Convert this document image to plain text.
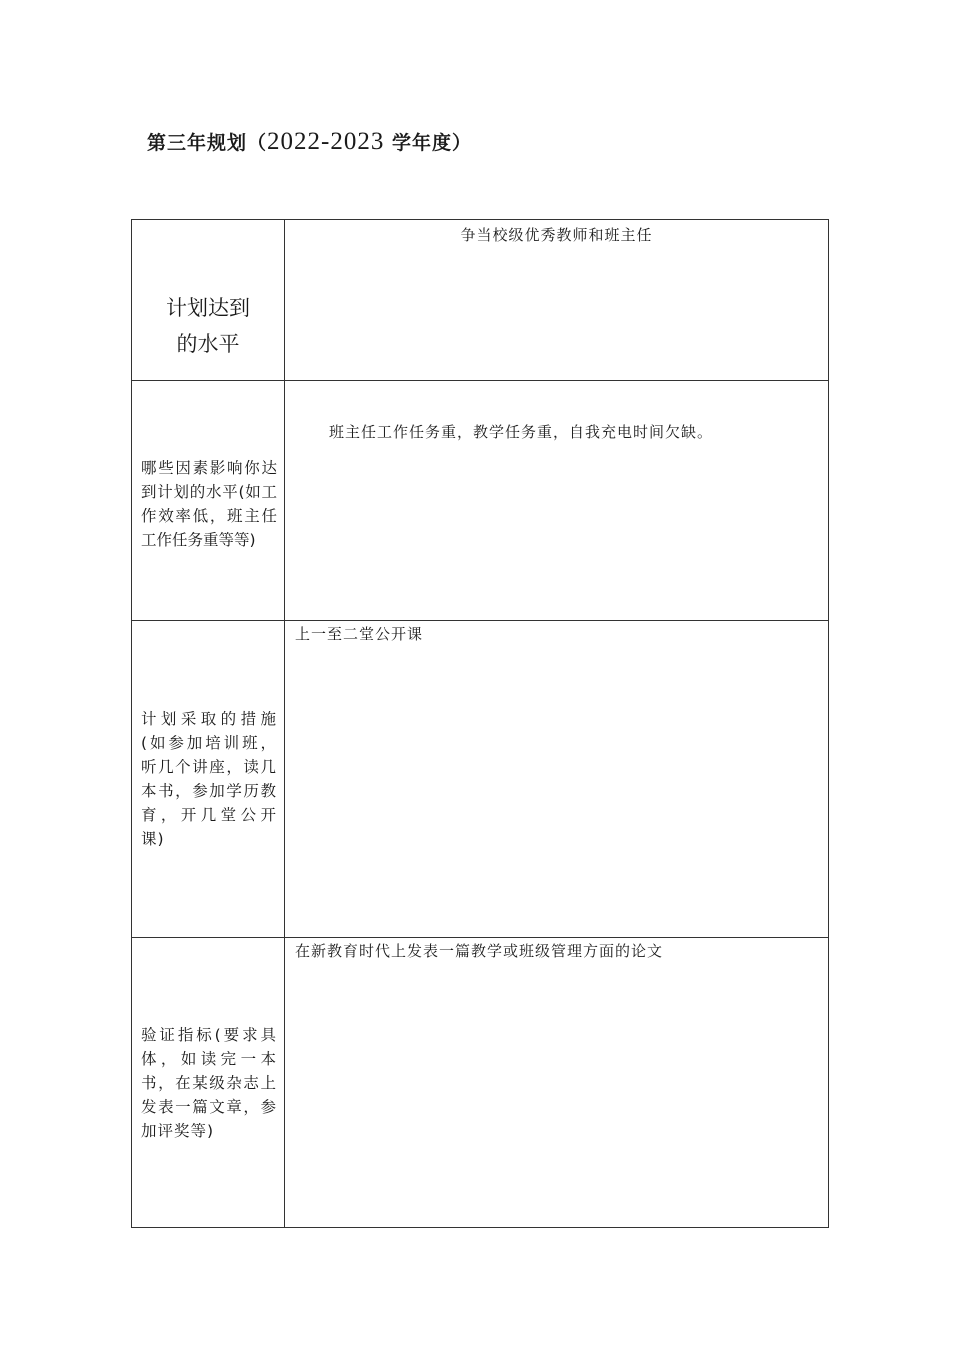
第三年规划（2022-2023 学年度）
计划达到
的水平	争当校级优秀教师和班主任

哪些因素影响你达到计划的水平(如工作效率低，班主任工作任务重等等)	班主任工作任务重，教学任务重，自我充电时间欠缺。

计划采取的措施(如参加培训班，听几个讲座，读几本书，参加学历教育，开几堂公开课)	上一至二堂公开课

验证指标(要求具体，如读完一本书，在某级杂志上发表一篇文章，参加评奖等)	在新教育时代上发表一篇教学或班级管理方面的论文
